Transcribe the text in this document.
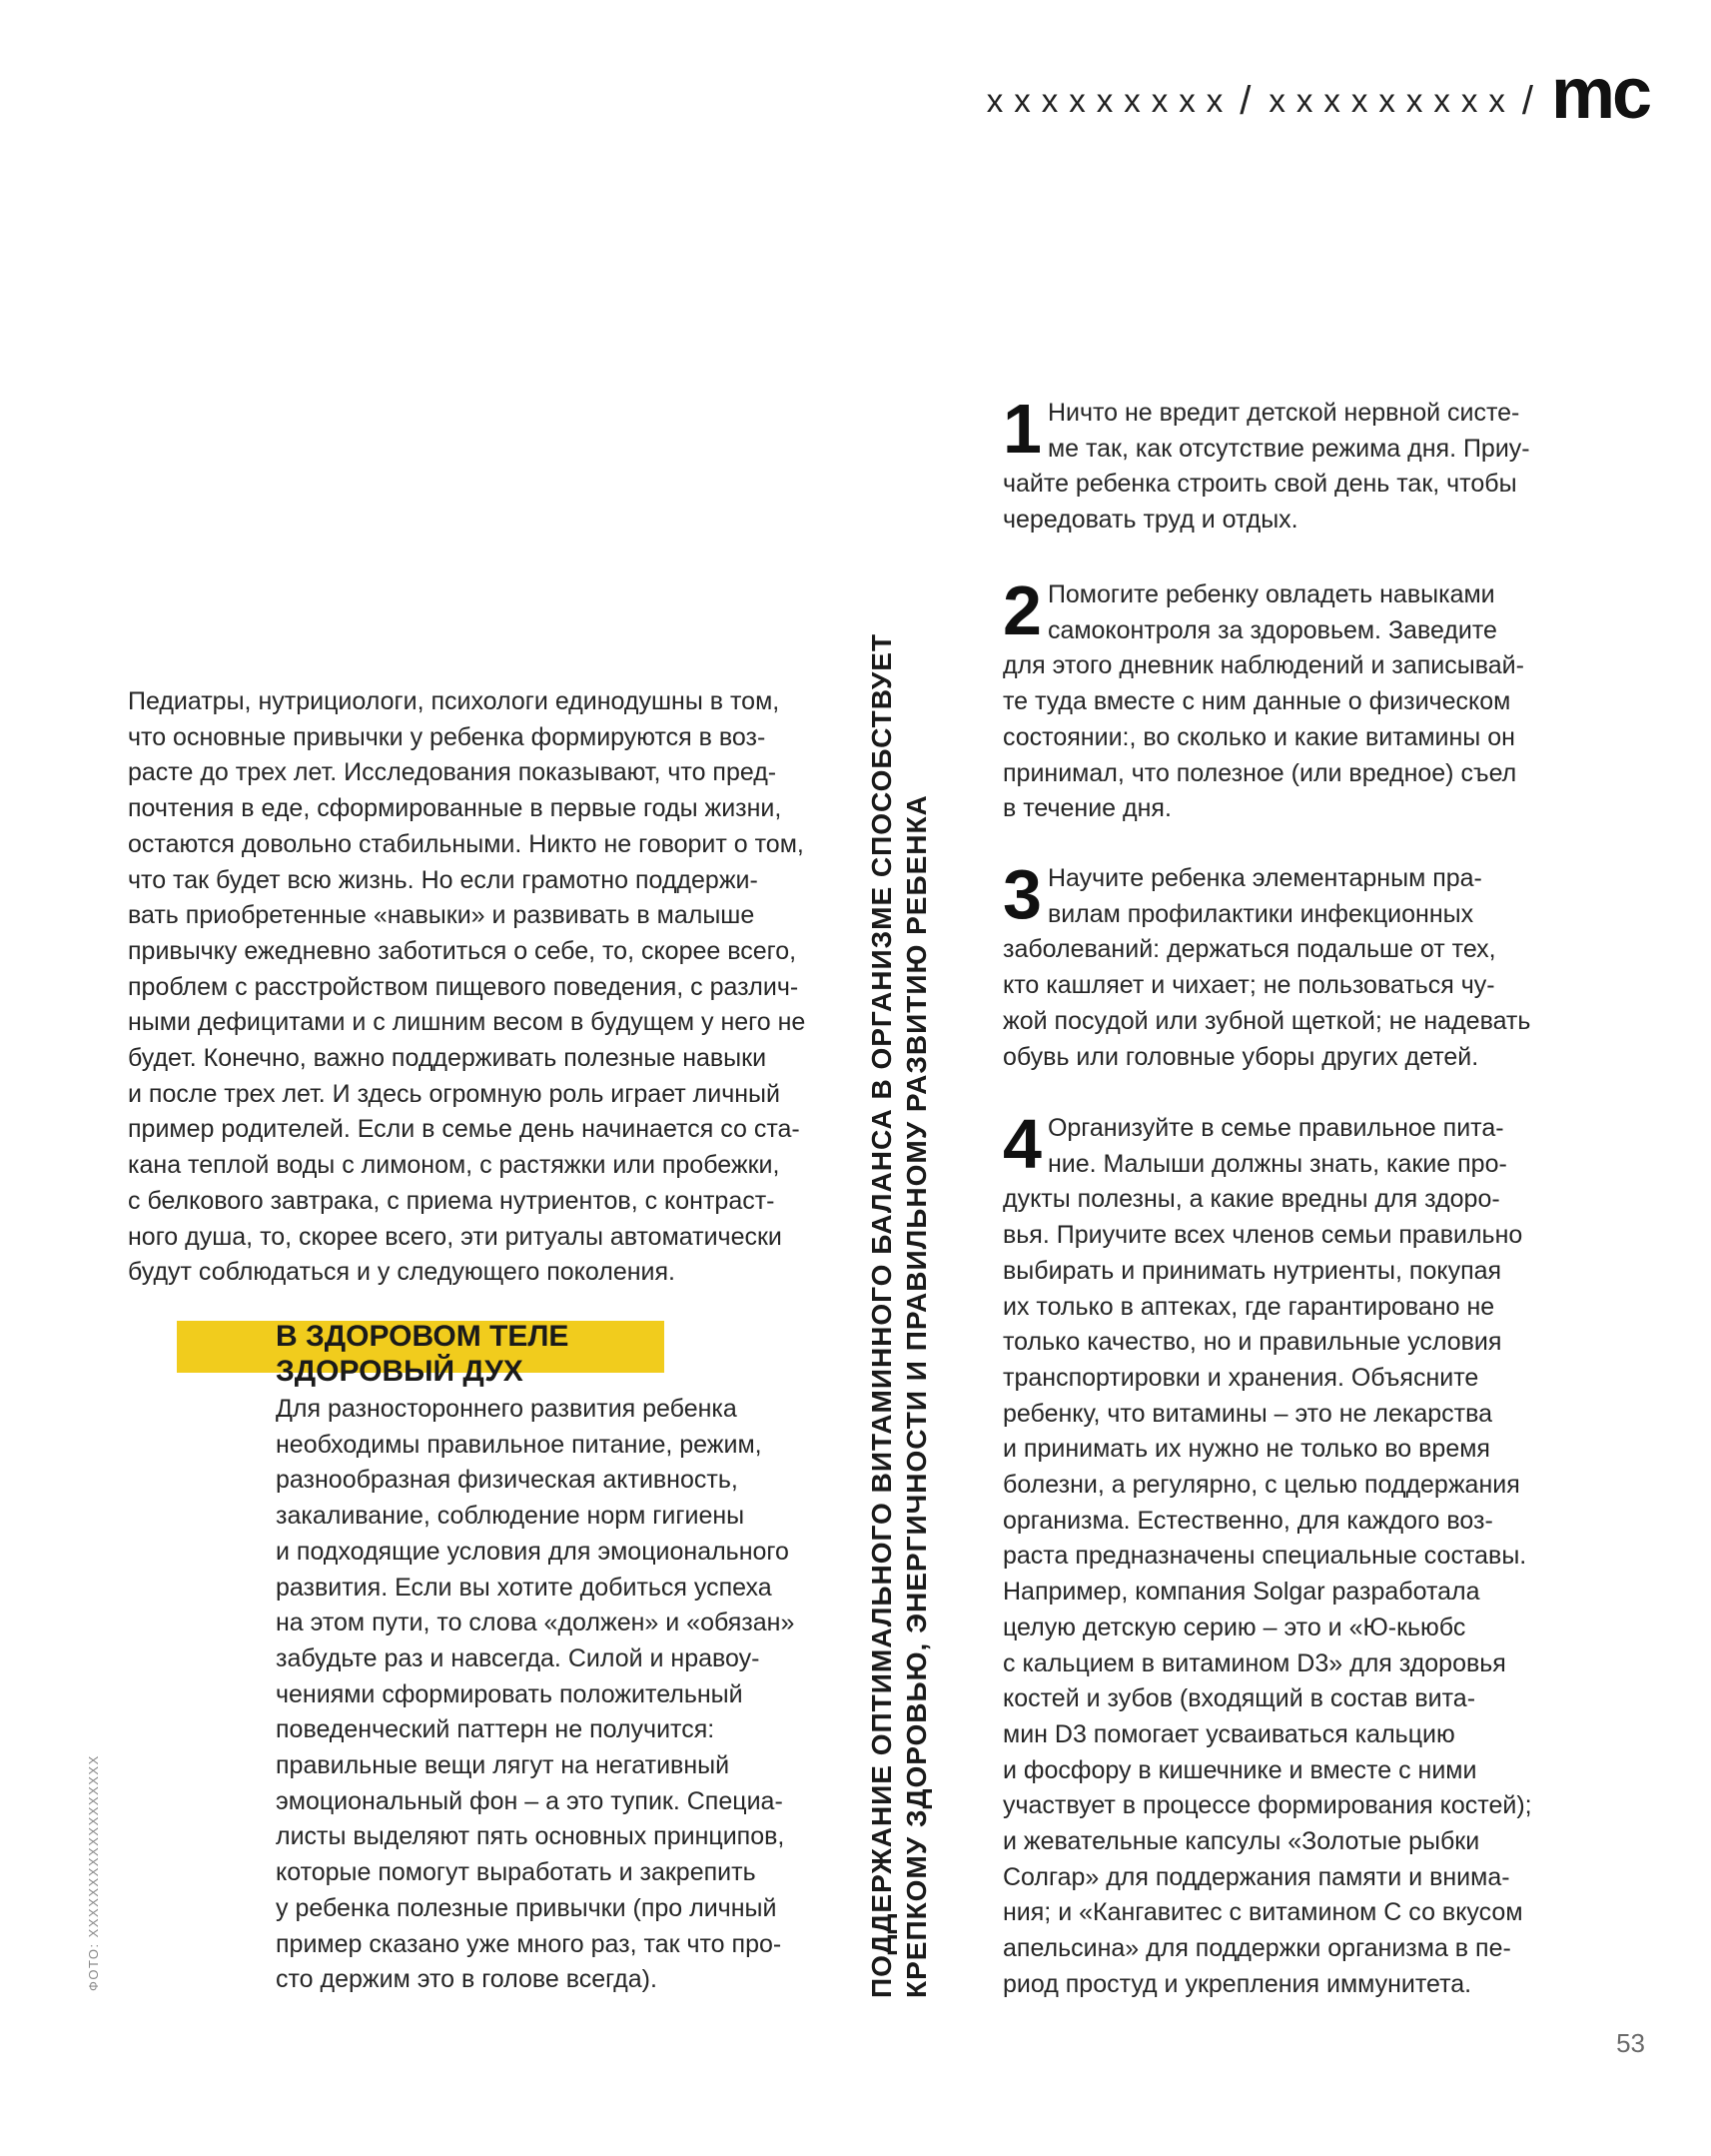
xxxxxxxxx / xxxxxxxxx / mc

Педиатры, нутрициологи, психологи единодушны в том,
что основные привычки у ребенка формируются в воз-
расте до трех лет. Исследования показывают, что пред-
почтения в еде, сформированные в первые годы жизни,
остаются довольно стабильными. Никто не говорит о том,
что так будет всю жизнь. Но если грамотно поддержи-
вать приобретенные «навыки» и развивать в малыше
привычку ежедневно заботиться о себе, то, скорее всего,
проблем с расстройством пищевого поведения, с различ-
ными дефицитами и с лишним весом в будущем у него не
будет. Конечно, важно поддерживать полезные навыки
и после трех лет. И здесь огромную роль играет личный
пример родителей. Если в семье день начинается со ста-
кана теплой воды с лимоном, с растяжки или пробежки,
с белкового завтрака, с приема нутриентов, с контраст-
ного душа, то, скорее всего, эти ритуалы автоматически
будут соблюдаться и у следующего поколения.

В ЗДОРОВОМ ТЕЛЕ
ЗДОРОВЫЙ ДУХ

Для разностороннего развития ребенка
необходимы правильное питание, режим,
разнообразная физическая активность,
закаливание, соблюдение норм гигиены
и подходящие условия для эмоционального
развития. Если вы хотите добиться успеха
на этом пути, то слова «должен» и «обязан»
забудьте раз и навсегда. Силой и нравоу-
чениями сформировать положительный
поведенческий паттерн не получится:
правильные вещи лягут на негативный
эмоциональный фон – а это тупик. Специа-
листы выделяют пять основных принципов,
которые помогут выработать и закрепить
у ребенка полезные привычки (про личный
пример сказано уже много раз, так что про-
сто держим это в голове всегда).	ПОДДЕРЖАНИЕ ОПТИМАЛЬНОГО ВИТАМИННОГО БАЛАНСА В ОРГАНИЗМЕ СПОСОБСТВУЕТ
КРЕПКОМУ ЗДОРОВЬЮ, ЭНЕРГИЧНОСТИ И ПРАВИЛЬНОМУ РАЗВИТИЮ РЕБЕНКА
1 Ничто не вредит детской нервной систе-
ме так, как отсутствие режима дня. Приу-
чайте ребенка строить свой день так, чтобы
чередовать труд и отдых.

2 Помогите ребенку овладеть навыками
самоконтроля за здоровьем. Заведите
для этого дневник наблюдений и записывай-
те туда вместе с ним данные о физическом
состоянии:, во сколько и какие витамины он
принимал, что полезное (или вредное) съел
в течение дня.

3 Научите ребенка элементарным пра-
вилам профилактики инфекционных
заболеваний: держаться подальше от тех,
кто кашляет и чихает; не пользоваться чу-
жой посудой или зубной щеткой; не надевать
обувь или головные уборы других детей.

4 Организуйте в семье правильное пита-
ние. Малыши должны знать, какие про-
дукты полезны, а какие вредны для здоро-
вья. Приучите всех членов семьи правильно
выбирать и принимать нутриенты, покупая
их только в аптеках, где гарантировано не
только качество, но и правильные условия
транспортировки и хранения. Объясните
ребенку, что витамины – это не лекарства
и принимать их нужно не только во время
болезни, а регулярно, с целью поддержания
организма. Естественно, для каждого воз-
раста предназначены специальные составы.
Например, компания Solgar разработала
целую детскую серию – это и «Ю-кьюбс
с кальцием в витамином D3» для здоровья
костей и зубов (входящий в состав вита-
мин D3 помогает усваиваться кальцию
и фосфору в кишечнике и вместе с ними
участвует в процессе формирования костей);
и жевательные капсулы «Золотые рыбки
Солгар» для поддержания памяти и внима-
ния; и «Кангавитес с витамином С со вкусом
апельсина» для поддержки организма в пе-
риод простуд и укрепления иммунитета.

ФОТО: XXXXXXXXXXXXXXXXXX
53
